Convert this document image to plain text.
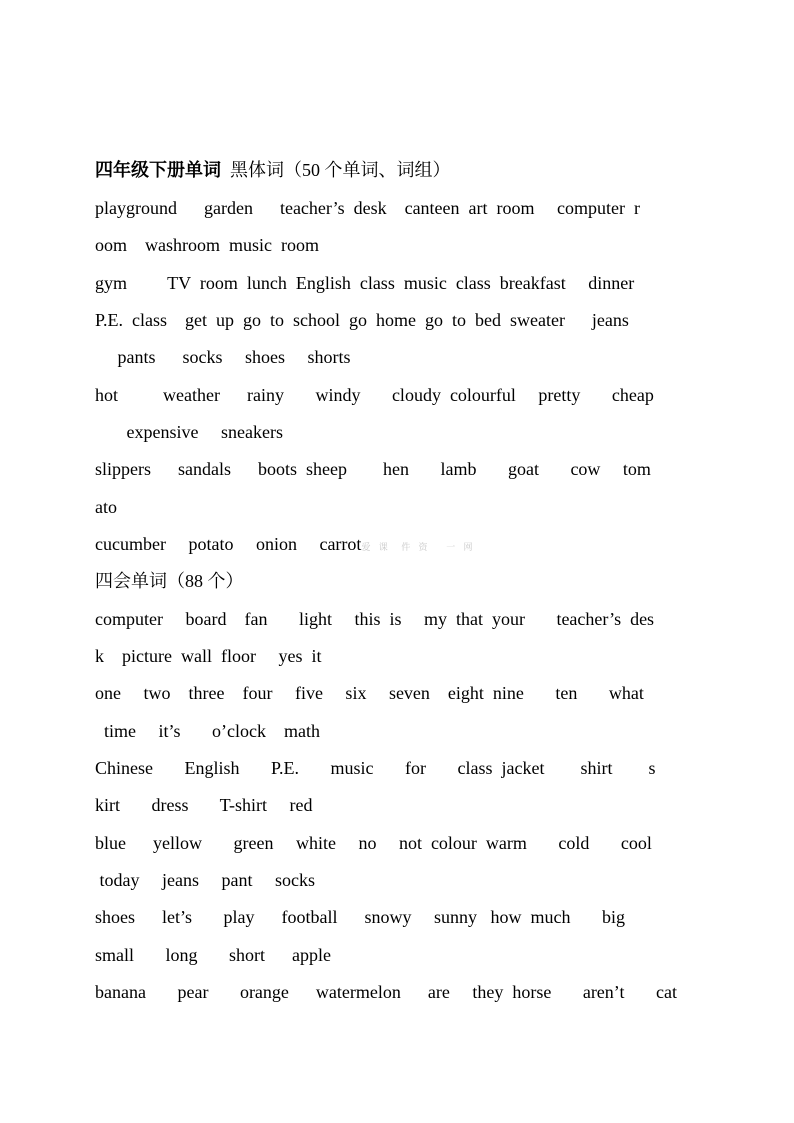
四年级下册单词  黑体词（50 个单词、词组）
playground      garden      teacher’s  desk    canteen  art  room     computer  r
oom    washroom  music  room
gym         TV  room  lunch  English  class  music  class  breakfast     dinner
P.E.  class    get  up  go  to  school  go  home  go  to  bed  sweater      jeans
pants      socks     shoes     shorts
hot          weather      rainy       windy       cloudy  colourful     pretty       cheap
expensive     sneakers
slippers      sandals      boots  sheep        hen       lamb       goat       cow     tom
ato
cucumber     potato     onion     carrot爱 课  件 资   一 网
四会单词（88 个）
computer     board    fan       light     this  is     my  that  your       teacher’s  des
k    picture  wall  floor     yes  it
one     two    three    four     five     six     seven    eight  nine       ten       what
time     it’s       o’clock    math
Chinese       English       P.E.       music       for       class  jacket        shirt        s
kirt       dress       T-shirt     red
blue      yellow       green     white     no     not  colour  warm       cold       cool
today     jeans     pant     socks
shoes      let’s       play      football      snowy     sunny   how  much       big
small       long       short      apple
banana       pear       orange      watermelon      are     they  horse       aren’t       cat
